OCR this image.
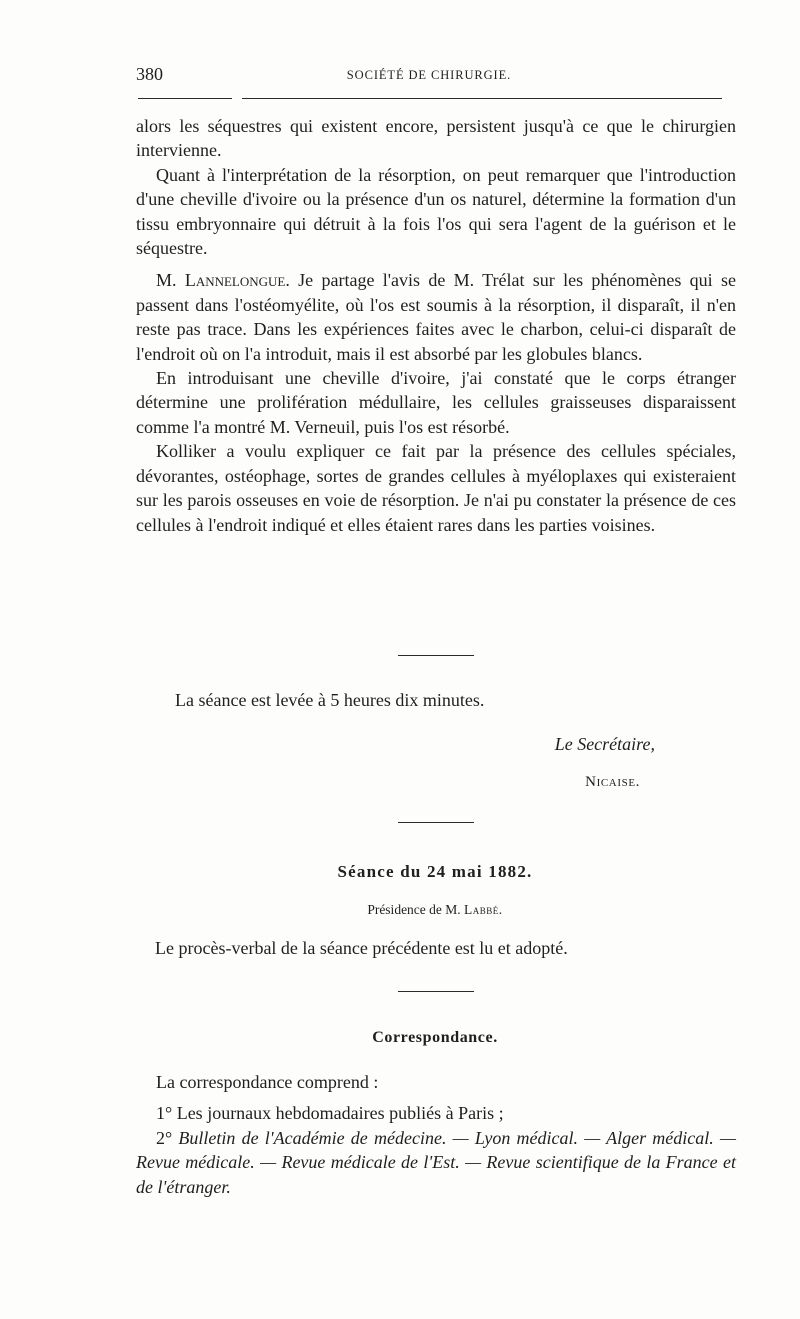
380	SOCIÉTÉ DE CHIRURGIE.

alors les séquestres qui existent encore, persistent jusqu'à ce que le chirurgien intervienne.

Quant à l'interprétation de la résorption, on peut remarquer que l'introduction d'une cheville d'ivoire ou la présence d'un os naturel, détermine la formation d'un tissu embryonnaire qui détruit à la fois l'os qui sera l'agent de la guérison et le séquestre.

M. Lannelongue. Je partage l'avis de M. Trélat sur les phénomènes qui se passent dans l'ostéomyélite, où l'os est soumis à la résorption, il disparaît, il n'en reste pas trace. Dans les expériences faites avec le charbon, celui-ci disparaît de l'endroit où on l'a introduit, mais il est absorbé par les globules blancs.

En introduisant une cheville d'ivoire, j'ai constaté que le corps étranger détermine une prolifération médullaire, les cellules graisseuses disparaissent comme l'a montré M. Verneuil, puis l'os est résorbé.

Kolliker a voulu expliquer ce fait par la présence des cellules spéciales, dévorantes, ostéophage, sortes de grandes cellules à myéloplaxes qui existeraient sur les parois osseuses en voie de résorption. Je n'ai pu constater la présence de ces cellules à l'endroit indiqué et elles étaient rares dans les parties voisines.

La séance est levée à 5 heures dix minutes.
Le Secrétaire,
Nicaise.
Séance du 24 mai 1882.
Présidence de M. Labbé.
Le procès-verbal de la séance précédente est lu et adopté.
Correspondance.

La correspondance comprend :

1° Les journaux hebdomadaires publiés à Paris ;

2° Bulletin de l'Académie de médecine. — Lyon médical. — Alger médical. — Revue médicale. — Revue médicale de l'Est. — Revue scientifique de la France et de l'étranger.
